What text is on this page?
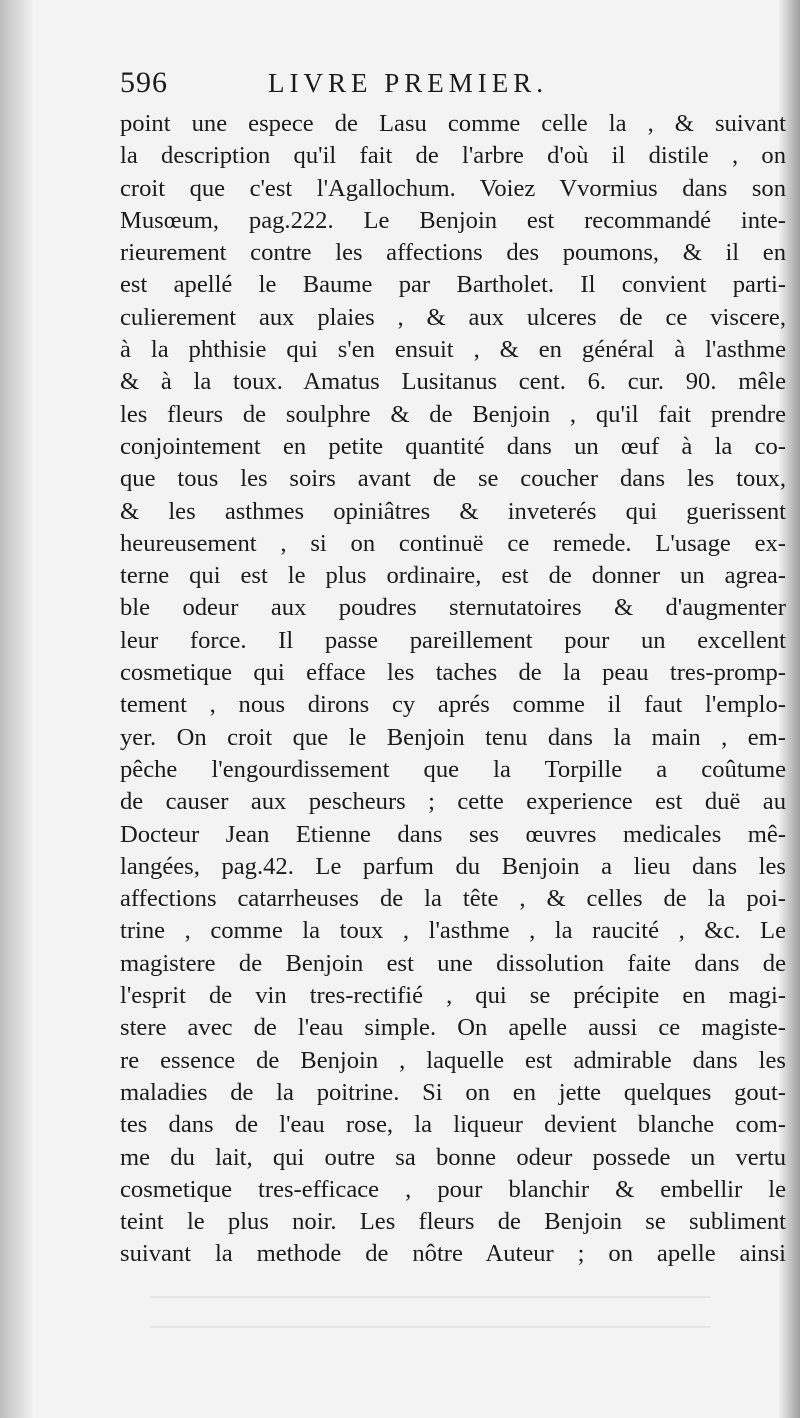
596	LIVRE PREMIER.
point une espece de Lasu comme celle la , & suivant
la description qu'il fait de l'arbre d'où il distile , on
croit que c'est l'Agallochum. Voiez Vvormius dans son
Musœum, pag.222. Le Benjoin est recommandé inte-
rieurement contre les affections des poumons, & il en
est apellé le Baume par Bartholet. Il convient parti-
culierement aux plaies , & aux ulceres de ce viscere,
à la phthisie qui s'en ensuit , & en général à l'asthme
& à la toux. Amatus Lusitanus cent. 6. cur. 90. mêle
les fleurs de soulphre & de Benjoin , qu'il fait prendre
conjointement en petite quantité dans un œuf à la co-
que tous les soirs avant de se coucher dans les toux,
& les asthmes opiniâtres & inveterés qui guerissent
heureusement , si on continuë ce remede. L'usage ex-
terne qui est le plus ordinaire, est de donner un agrea-
ble odeur aux poudres sternutatoires & d'augmenter
leur force. Il passe pareillement pour un excellent
cosmetique qui efface les taches de la peau tres-promp-
tement , nous dirons cy aprés comme il faut l'emplo-
yer. On croit que le Benjoin tenu dans la main , em-
pêche l'engourdissement que la Torpille a coûtume
de causer aux pescheurs ; cette experience est duë au
Docteur Jean Etienne dans ses œuvres medicales mê-
langées, pag.42. Le parfum du Benjoin a lieu dans les
affections catarrheuses de la tête , & celles de la poi-
trine , comme la toux , l'asthme , la raucité , &c. Le
magistere de Benjoin est une dissolution faite dans de
l'esprit de vin tres-rectifié , qui se précipite en magi-
stere avec de l'eau simple. On apelle aussi ce magiste-
re essence de Benjoin , laquelle est admirable dans les
maladies de la poitrine. Si on en jette quelques gout-
tes dans de l'eau rose, la liqueur devient blanche com-
me du lait, qui outre sa bonne odeur possede un vertu
cosmetique tres-efficace , pour blanchir & embellir le
teint le plus noir. Les fleurs de Benjoin se subliment
suivant la methode de nôtre Auteur ; on apelle ainsi
